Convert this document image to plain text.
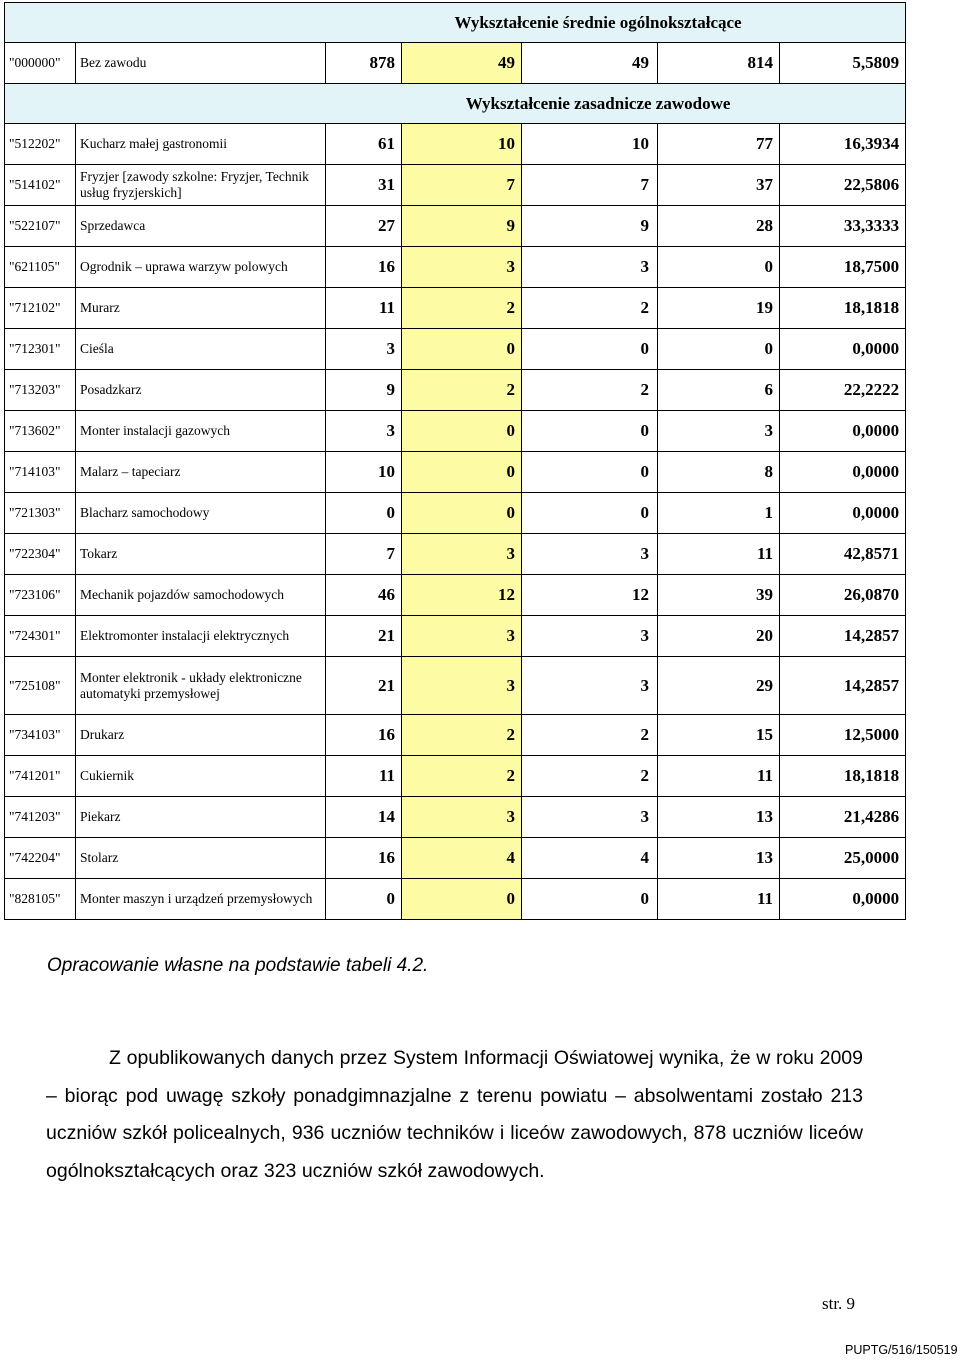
Wykształcenie średnie ogólnokształcące						
"000000"	Bez zawodu	878	49	49	814	5,5809
Wykształcenie zasadnicze zawodowe						
"512202"	Kucharz małej gastronomii	61	10	10	77	16,3934
"514102"	Fryzjer [zawody szkolne: Fryzjer, Technik usług fryzjerskich]	31	7	7	37	22,5806
"522107"	Sprzedawca	27	9	9	28	33,3333
"621105"	Ogrodnik – uprawa warzyw polowych	16	3	3	0	18,7500
"712102"	Murarz	11	2	2	19	18,1818
"712301"	Cieśla	3	0	0	0	0,0000
"713203"	Posadzkarz	9	2	2	6	22,2222
"713602"	Monter instalacji gazowych	3	0	0	3	0,0000
"714103"	Malarz – tapeciarz	10	0	0	8	0,0000
"721303"	Blacharz samochodowy	0	0	0	1	0,0000
"722304"	Tokarz	7	3	3	11	42,8571
"723106"	Mechanik pojazdów samochodowych	46	12	12	39	26,0870
"724301"	Elektromonter instalacji elektrycznych	21	3	3	20	14,2857
"725108"	Monter elektronik - układy elektroniczne automatyki przemysłowej	21	3	3	29	14,2857
"734103"	Drukarz	16	2	2	15	12,5000
"741201"	Cukiernik	11	2	2	11	18,1818
"741203"	Piekarz	14	3	3	13	21,4286
"742204"	Stolarz	16	4	4	13	25,0000
"828105"	Monter maszyn i urządzeń przemysłowych	0	0	0	11	0,0000

Opracowanie własne na podstawie tabeli 4.2.

Z opublikowanych danych przez System Informacji Oświatowej wynika, że w roku 2009 – biorąc pod uwagę szkoły ponadgimnazjalne z terenu powiatu – absolwentami zostało 213 uczniów szkół policealnych, 936 uczniów techników i liceów zawodowych, 878 uczniów liceów ogólnokształcących oraz 323 uczniów szkół zawodowych.

str. 9
PUPTG/516/150519
